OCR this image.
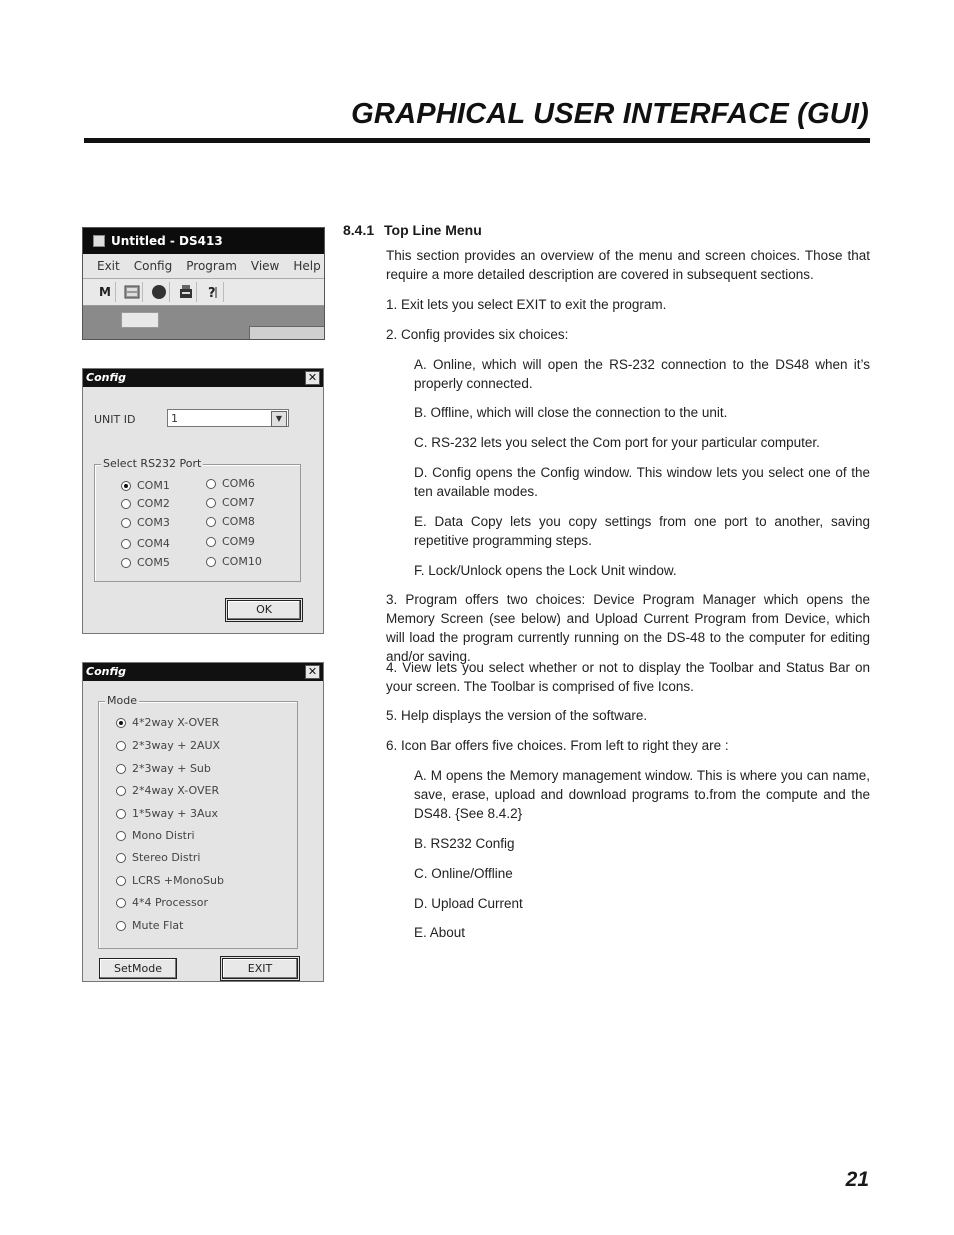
GRAPHICAL USER INTERFACE (GUI)
Untitled - DS413
Exit Config Program View Help
M	?
Config	✕
UNIT ID	1	▼
Select RS232 Port
COM1
COM2
COM3
COM4
COM5
COM6
COM7
COM8
COM9
COM10
OK
Config	✕
Mode
4*2way X-OVER
2*3way + 2AUX
2*3way + Sub
2*4way X-OVER
1*5way + 3Aux
Mono Distri
Stereo Distri
LCRS +MonoSub
4*4 Processor
Mute Flat
SetMode	EXIT
8.4.1 Top Line Menu

This section provides an overview of the menu and screen choices. Those that require a more detailed description are covered in subsequent sections.

1. Exit lets you select EXIT to exit the program.

2. Config provides six choices:

A. Online, which will open the RS-232 connection to the DS48 when it’s properly connected.

B. Offline, which will close the connection to the unit.

C. RS-232 lets you select the Com port for your particular computer.

D. Config opens the Config window. This window lets you select one of the ten available modes.

E. Data Copy lets you copy settings from one port to another, saving repetitive programming steps.

F. Lock/Unlock opens the Lock Unit window.

3. Program offers two choices: Device Program Manager which opens the Memory Screen (see below) and Upload Current Program from Device, which will load the program currently running on the DS-48 to the computer for editing and/or saving.

4. View lets you select whether or not to display the Toolbar and Status Bar on your screen. The Toolbar is comprised of five Icons.

5. Help displays the version of the software.

6. Icon Bar offers five choices. From left to right they are :

A. M opens the Memory management window. This is where you can name, save, erase, upload and download programs to.from the compute and the DS48. {See 8.4.2}

B. RS232 Config

C. Online/Offline

D. Upload Current

E. About

21
